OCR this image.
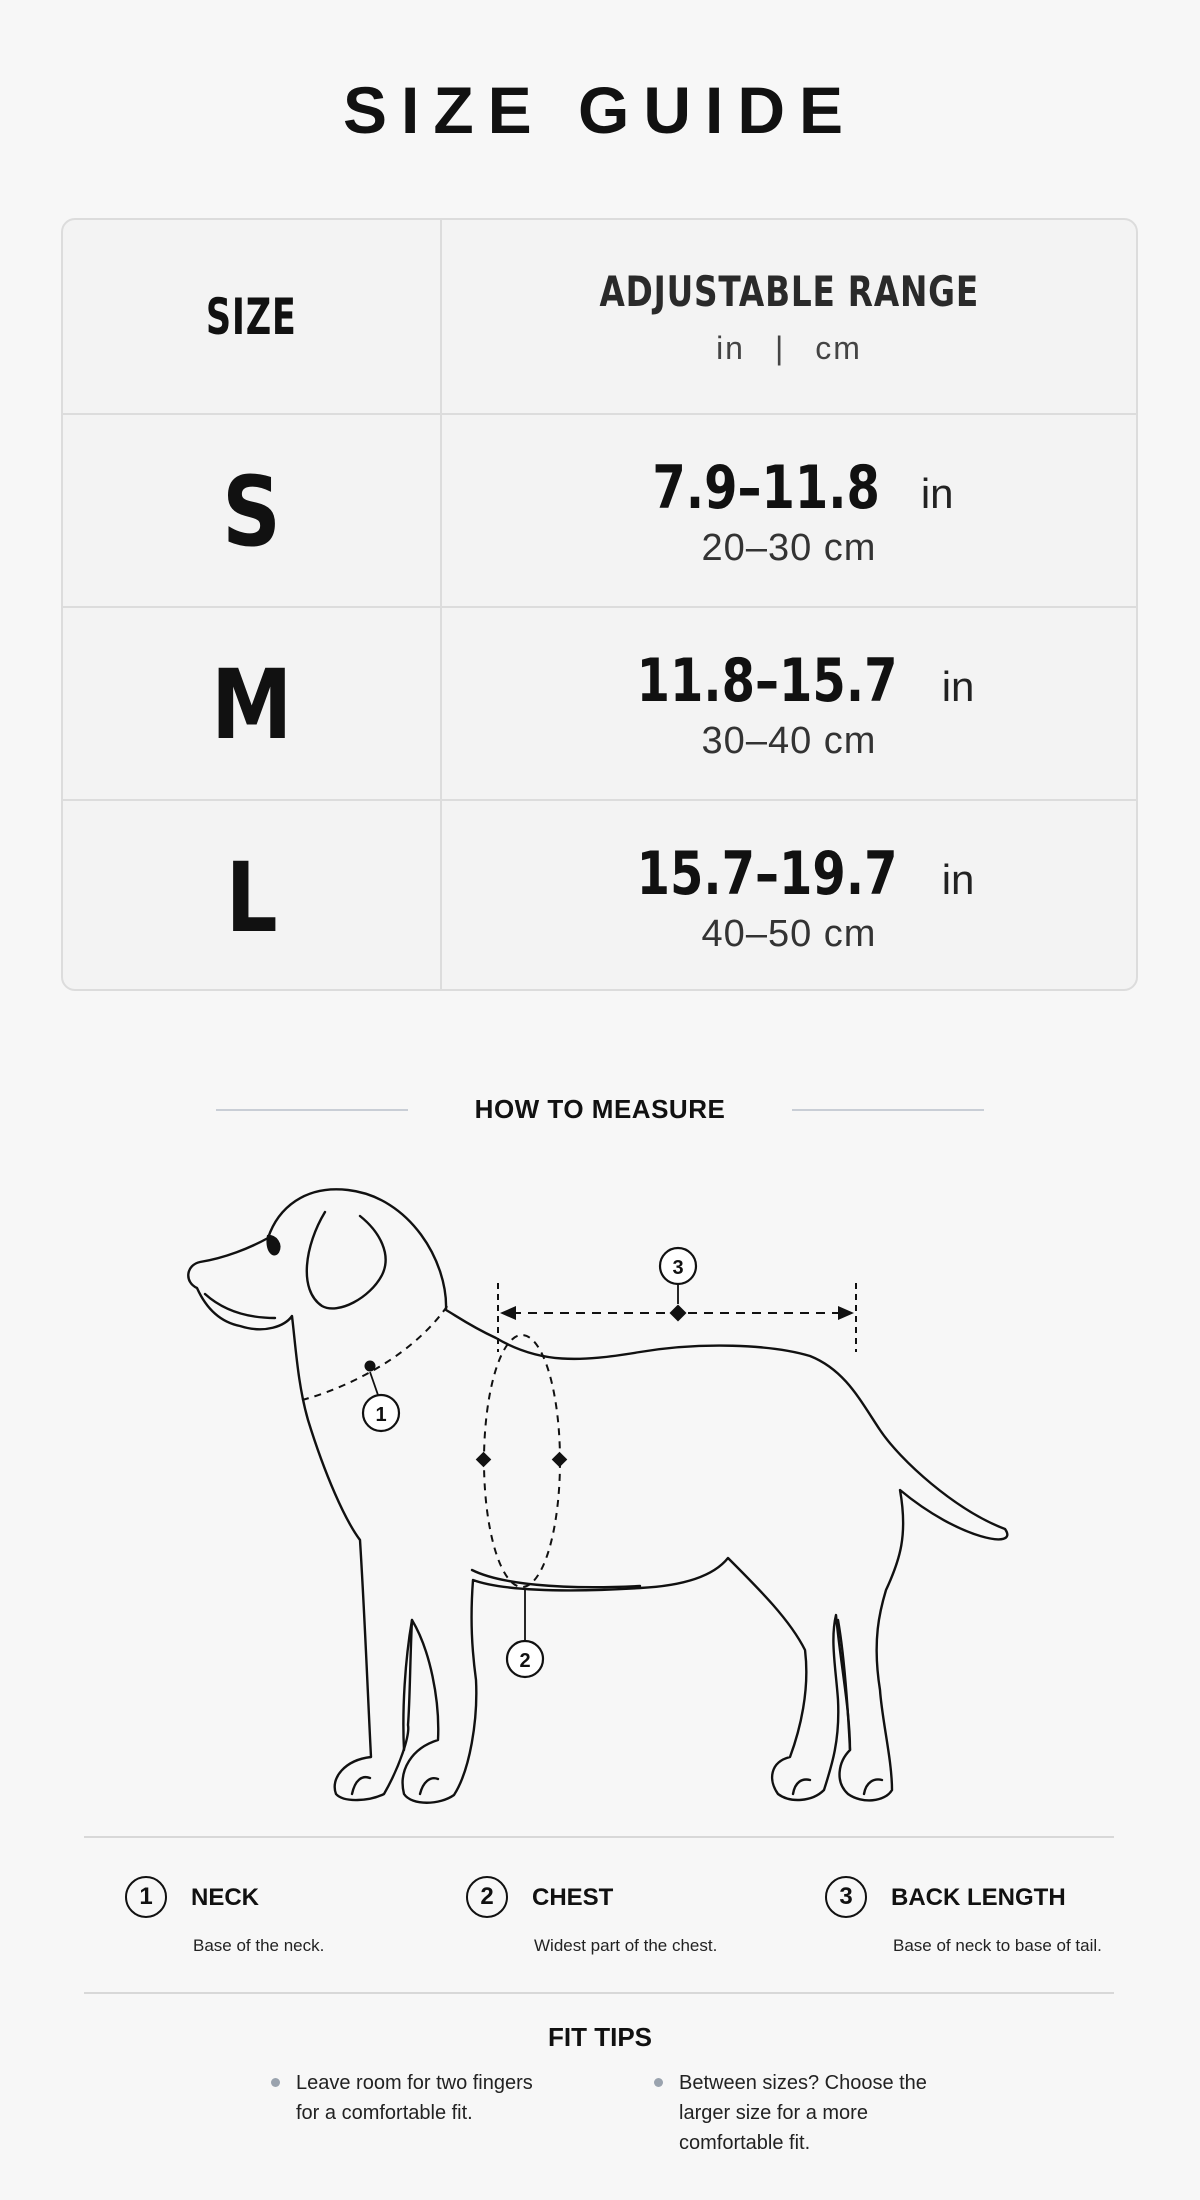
SIZE GUIDE
SIZE	ADJUSTABLE RANGE
in | cm
S	7.9–11.8 in
20–30 cm
M	11.8–15.7 in
30–40 cm
L	15.7–19.7 in
40–50 cm
HOW TO MEASURE
1
2
3
1	NECK
Base of the neck.
2	CHEST
Widest part of the chest.
3	BACK LENGTH
Base of neck to base of tail.
FIT TIPS
Leave room for two fingers
for a comfortable fit.
Between sizes? Choose the
larger size for a more
comfortable fit.
